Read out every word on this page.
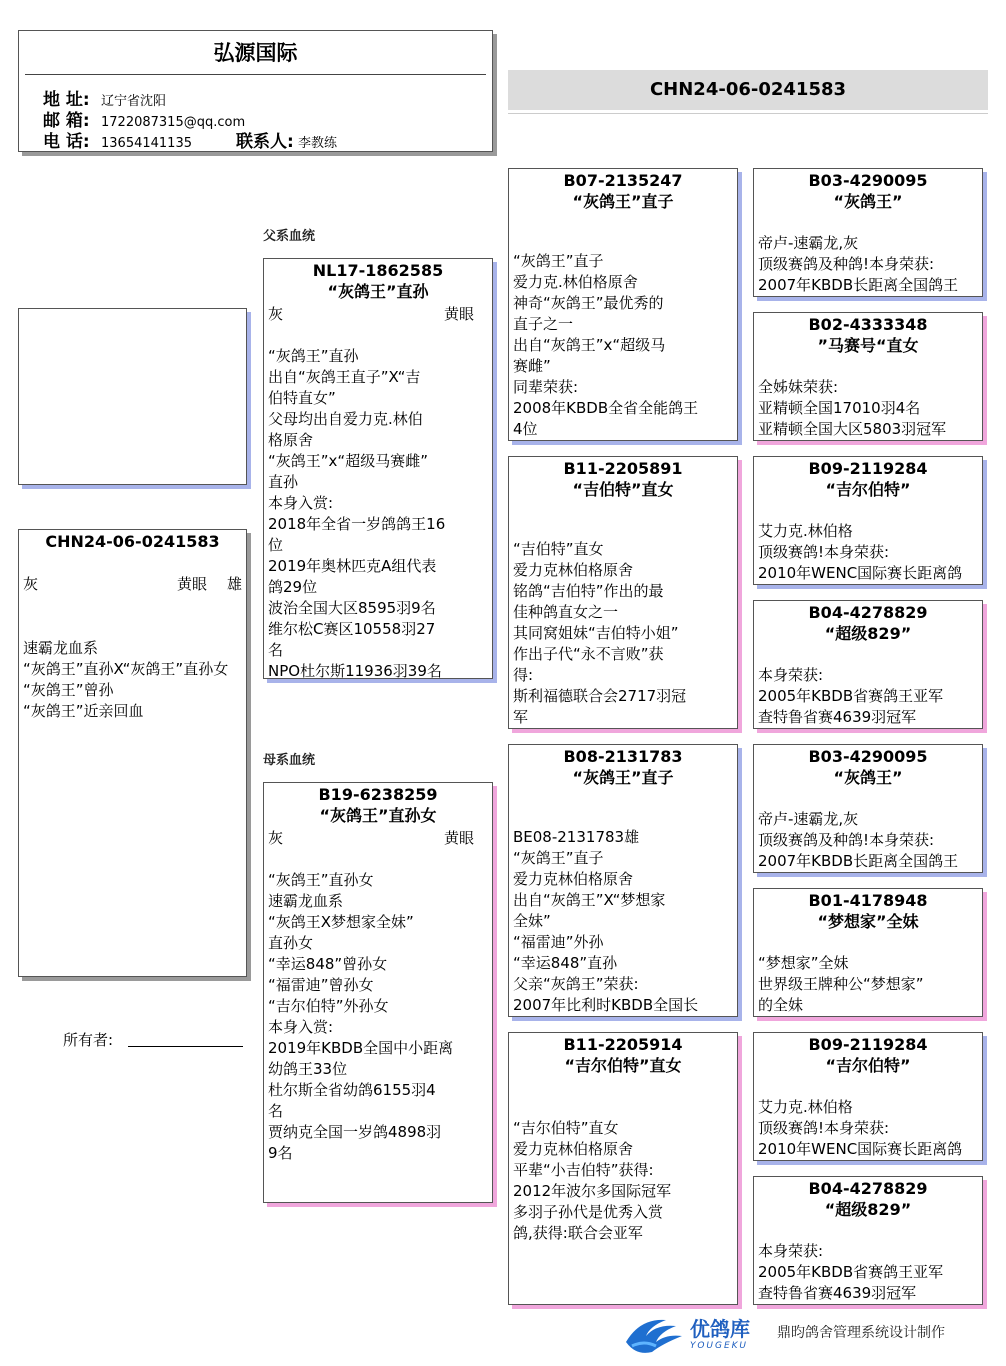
弘源国际
地 址: 辽宁省沈阳
邮 箱: 1722087315@qq.com
电 话: 13654141135	联系人: 李教练
CHN24-06-0241583
CHN24-06-0241583
灰	黄眼 雄
速霸龙血系
“灰鸽王”直孙X“灰鸽王”直孙女
“灰鸽王”曾孙
“灰鸽王”近亲回血
所有者:
父系血统
母系血统
NL17-1862585
“灰鸽王”直孙
灰	黄眼
“灰鸽王”直孙
出自“灰鸽王直子”X“吉
伯特直女”
父母均出自爱力克.林伯
格原舍
“灰鸽王”x“超级马赛雌”
直孙
本身入赏:
2018年全省一岁鸽鸽王16
位
2019年奥林匹克A组代表
鸽29位
波治全国大区8595羽9名
维尔松C赛区10558羽27
名
NPO杜尔斯11936羽39名
B19-6238259
“灰鸽王”直孙女
灰	黄眼
“灰鸽王”直孙女
速霸龙血系
“灰鸽王X梦想家全妹”
直孙女
“幸运848”曾孙女
“福雷迪”曾孙女
“吉尔伯特”外孙女
本身入赏:
2019年KBDB全国中小距离
幼鸽王33位
杜尔斯全省幼鸽6155羽4
名
贾纳克全国一岁鸽4898羽
9名
B07-2135247
“灰鸽王”直子
“灰鸽王”直子
爱力克.林伯格原舍
神奇“灰鸽王”最优秀的
直子之一
出自“灰鸽王”x“超级马
赛雌”
同辈荣获:
2008年KBDB全省全能鸽王
4位
B11-2205891
“吉伯特”直女
“吉伯特”直女
爱力克林伯格原舍
铭鸽“吉伯特”作出的最
佳种鸽直女之一
其同窝姐妹“吉伯特小姐”
作出子代“永不言败”获
得:
斯利福德联合会2717羽冠
军
B08-2131783
“灰鸽王”直子
BE08-2131783雄
“灰鸽王”直子
爱力克林伯格原舍
出自“灰鸽王”X“梦想家
全妹”
“福雷迪”外孙
“幸运848”直孙
父亲“灰鸽王”荣获:
2007年比利时KBDB全国长
B11-2205914
“吉尔伯特”直女
“吉尔伯特”直女
爱力克林伯格原舍
平辈“小吉伯特”获得:
2012年波尔多国际冠军
多羽子孙代是优秀入赏
鸽,获得:联合会亚军
B03-4290095
“灰鸽王”
帝卢-速霸龙,灰
顶级赛鸽及种鸽!本身荣获:
2007年KBDB长距离全国鸽王
B02-4333348
”马赛号“直女
全姊妹荣获:
亚精顿全国17010羽4名
亚精顿全国大区5803羽冠军
B09-2119284
“吉尔伯特”
艾力克.林伯格
顶级赛鸽!本身荣获:
2010年WENC国际赛长距离鸽
B04-4278829
“超级829”
本身荣获:
2005年KBDB省赛鸽王亚军
查特鲁省赛4639羽冠军
B03-4290095
“灰鸽王”
帝卢-速霸龙,灰
顶级赛鸽及种鸽!本身荣获:
2007年KBDB长距离全国鸽王
B01-4178948
“梦想家”全妹
“梦想家”全妹
世界级王牌种公“梦想家”
的全妹
B09-2119284
“吉尔伯特”
艾力克.林伯格
顶级赛鸽!本身荣获:
2010年WENC国际赛长距离鸽
B04-4278829
“超级829”
本身荣获:
2005年KBDB省赛鸽王亚军
查特鲁省赛4639羽冠军
优鸽库
YOUGEKU
鼎昀鸽舍管理系统设计制作
